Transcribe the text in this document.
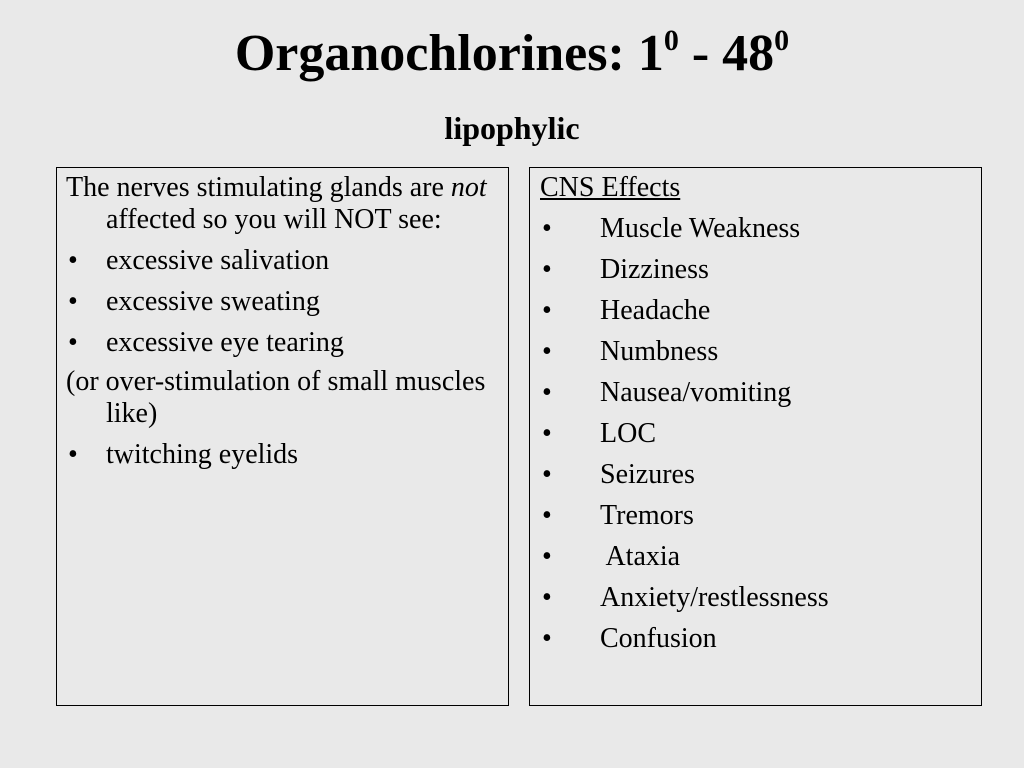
Organochlorines: $1^0 - 48^0$
lipophylic

The nerves stimulating glands are not affected so you will NOT see:

• excessive salivation
• excessive sweating
• excessive eye tearing

(or over-stimulation of small muscles like)

• twitching eyelids

CNS Effects

• Muscle Weakness
• Dizziness
• Headache
• Numbness
• Nausea/vomiting
• LOC
• Seizures
• Tremors
• Ataxia
• Anxiety/restlessness
• Confusion
